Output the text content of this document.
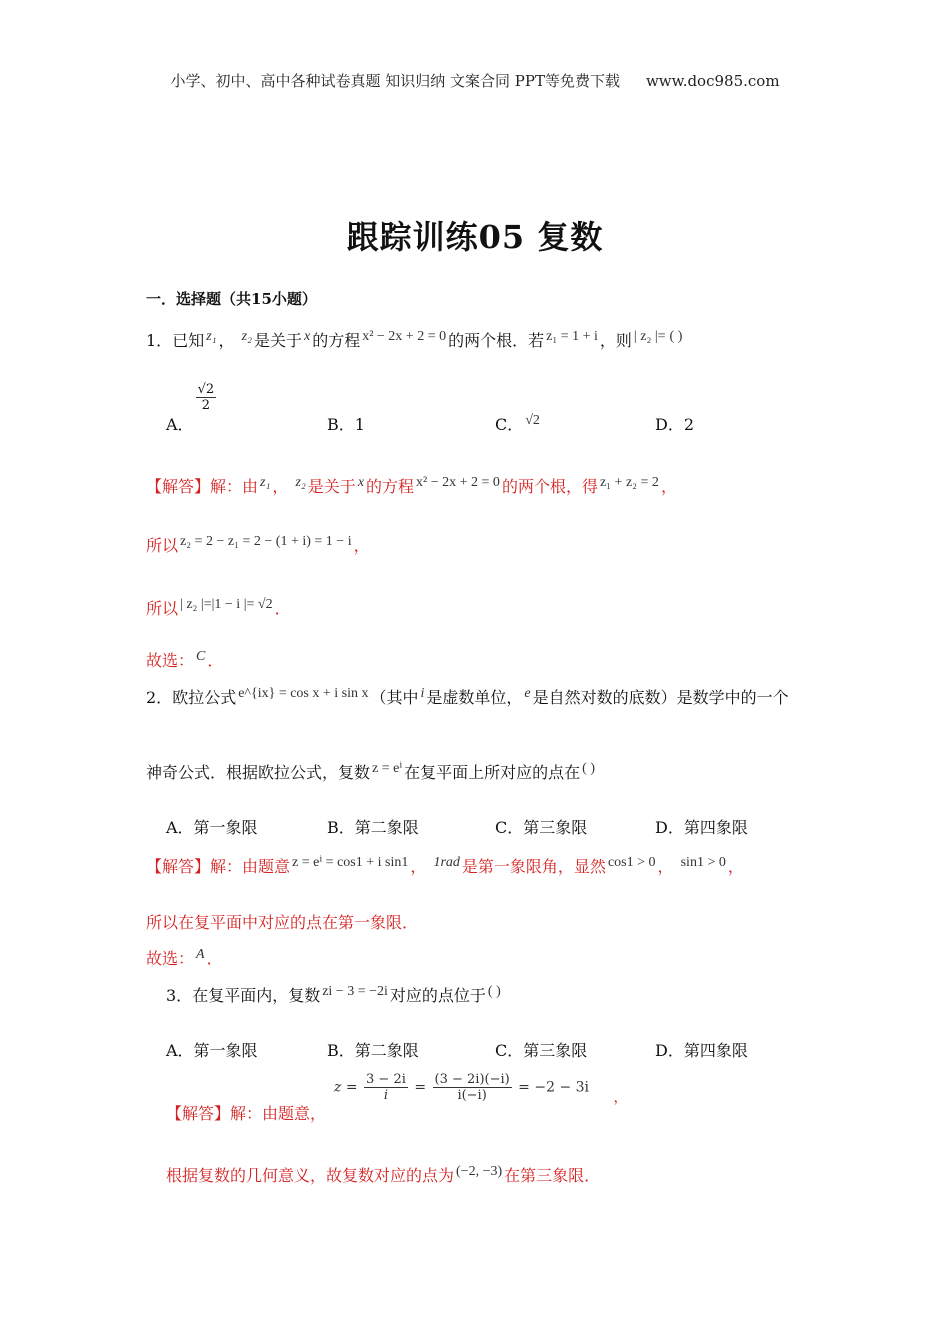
小学、初中、高中各种试卷真题 知识归纳 文案合同 PPT等免费下载 www.doc985.com
跟踪训练05 复数
一．选择题（共15小题）
1．已知 z₁ ， z₂ 是关于 x 的方程 x² − 2x + 2 = 0 的两个根．若 z₁ = 1 + i ，则 | z₂ |= ( )
A．
$\frac{√2}{2}$
B．1	C． √2	D．2
【解答】解：由 z₁ ， z₂ 是关于 x 的方程 x² − 2x + 2 = 0 的两个根，得 z₁ + z₂ = 2 ，
所以 z₂ = 2 − z₁ = 2 − (1 + i) = 1 − i ，
所以 | z₂ |=|1 − i |= √2 ．
故选： C ．
2．欧拉公式 e^{ix} = cos x + i sin x （其中 i 是虚数单位， e 是自然对数的底数）是数学中的一个
神奇公式．根据欧拉公式，复数 z = eⁱ 在复平面上所对应的点在 ( )
A．第一象限	B．第二象限	C．第三象限	D．第四象限
【解答】解：由题意 z = eⁱ = cos1 + i sin1 ， 1rad 是第一象限角，显然 cos1 > 0 ， sin1 > 0 ，
所以在复平面中对应的点在第一象限．
故选： A ．
3．在复平面内，复数 zi − 3 = −2i 对应的点位于 ( )
A．第一象限	B．第二象限	C．第三象限	D．第四象限
【解答】解：由题意，
$z = \frac{3 - 2i}{i} = \frac{(3 - 2i)(-i)}{i(-i)} = -2 - 3i$ ，
根据复数的几何意义，故复数对应的点为 (−2, −3) 在第三象限．
